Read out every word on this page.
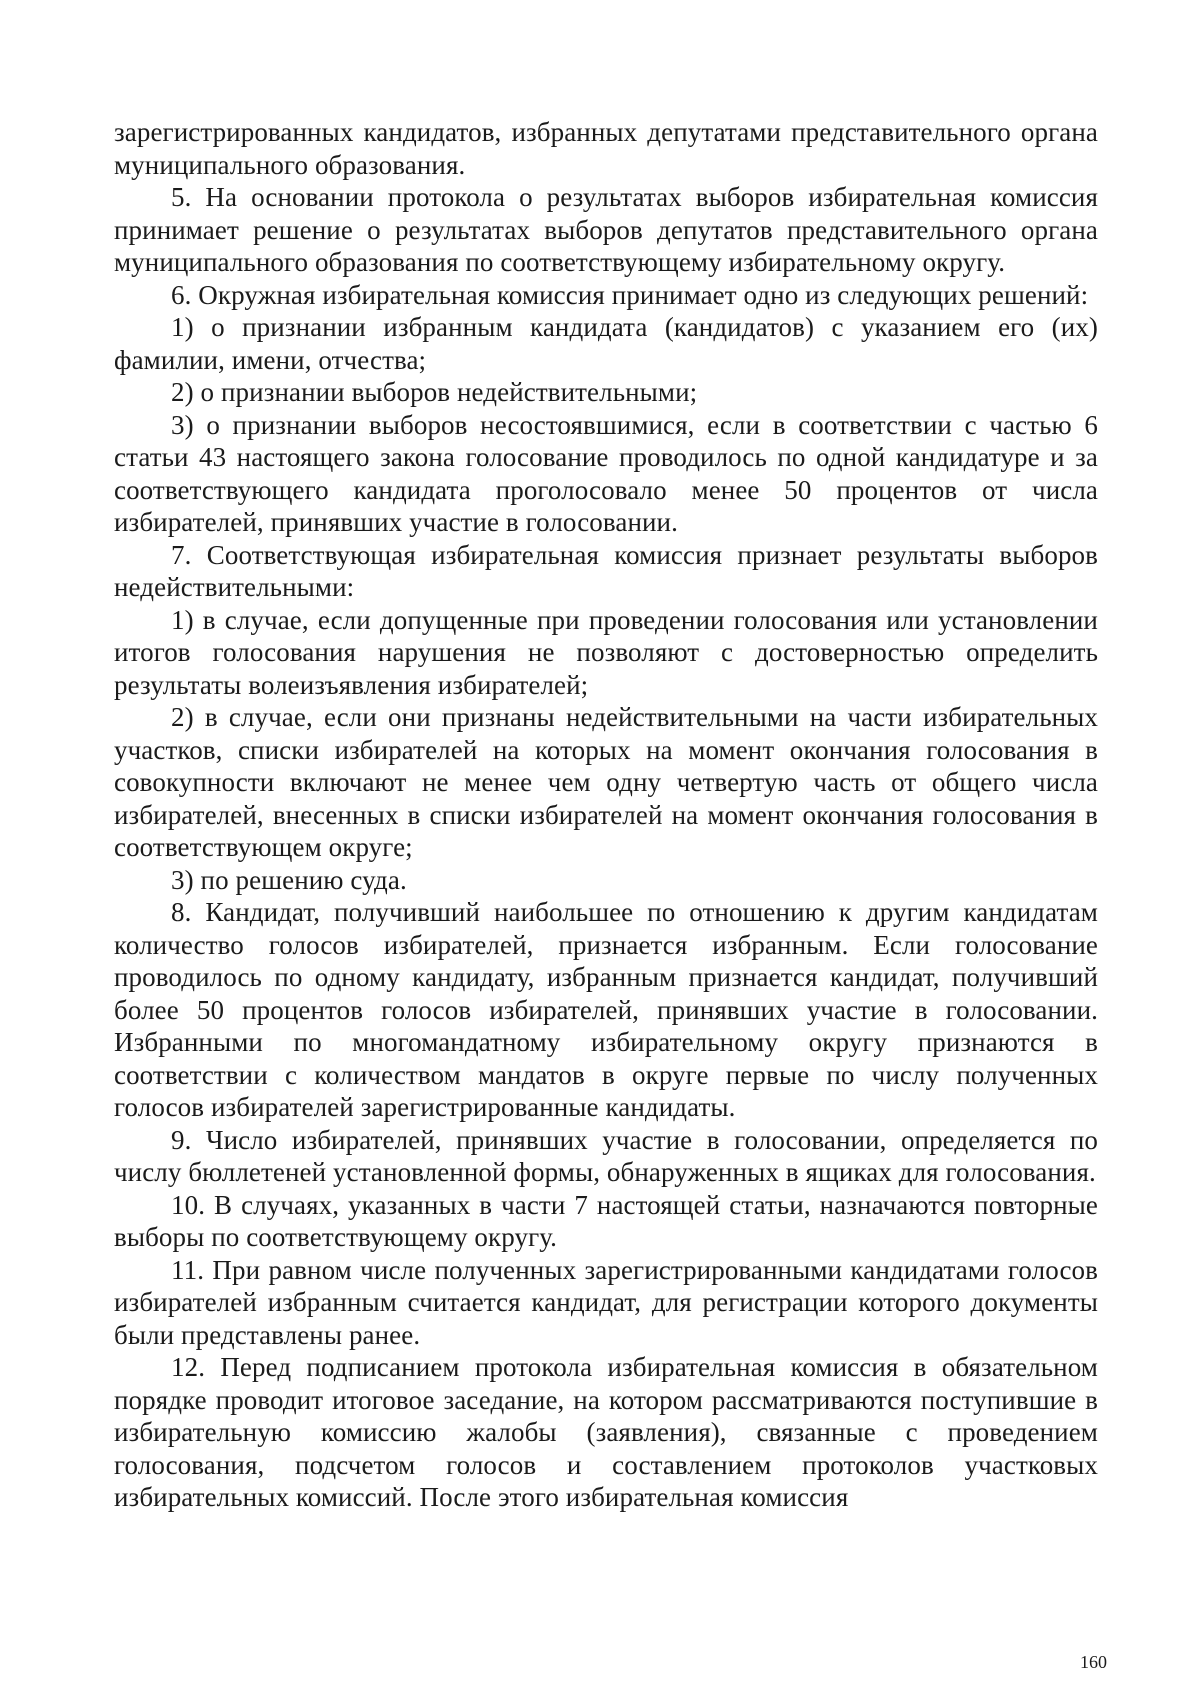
зарегистрированных кандидатов, избранных депутатами представительного органа муниципального образования.

5. На основании протокола о результатах выборов избирательная комиссия принимает решение о результатах выборов депутатов представительного органа муниципального образования по соответствующему избирательному округу.

6. Окружная избирательная комиссия принимает одно из следующих решений:

1) о признании избранным кандидата (кандидатов) с указанием его (их) фамилии, имени, отчества;

2) о признании выборов недействительными;

3) о признании выборов несостоявшимися, если в соответствии с частью 6 статьи 43 настоящего закона голосование проводилось по одной кандидатуре и за соответствующего кандидата проголосовало менее 50 процентов от числа избирателей, принявших участие в голосовании.

7. Соответствующая избирательная комиссия признает результаты выборов недействительными:

1) в случае, если допущенные при проведении голосования или установлении итогов голосования нарушения не позволяют с достоверностью определить результаты волеизъявления избирателей;

2) в случае, если они признаны недействительными на части избирательных участков, списки избирателей на которых на момент окончания голосования в совокупности включают не менее чем одну четвертую часть от общего числа избирателей, внесенных в списки избирателей на момент окончания голосования в соответствующем округе;

3) по решению суда.

8. Кандидат, получивший наибольшее по отношению к другим кандидатам количество голосов избирателей, признается избранным. Если голосование проводилось по одному кандидату, избранным признается кандидат, получивший более 50 процентов голосов избирателей, принявших участие в голосовании. Избранными по многомандатному избирательному округу признаются в соответствии с количеством мандатов в округе первые по числу полученных голосов избирателей зарегистрированные кандидаты.

9. Число избирателей, принявших участие в голосовании, определяется по числу бюллетеней установленной формы, обнаруженных в ящиках для голосования.

10. В случаях, указанных в части 7 настоящей статьи, назначаются повторные выборы по соответствующему округу.

11. При равном числе полученных зарегистрированными кандидатами голосов избирателей избранным считается кандидат, для регистрации которого документы были представлены ранее.

12. Перед подписанием протокола избирательная комиссия в обязательном порядке проводит итоговое заседание, на котором рассматриваются поступившие в избирательную комиссию жалобы (заявления), связанные с проведением голосования, подсчетом голосов и составлением протоколов участковых избирательных комиссий. После этого избирательная комиссия

160
